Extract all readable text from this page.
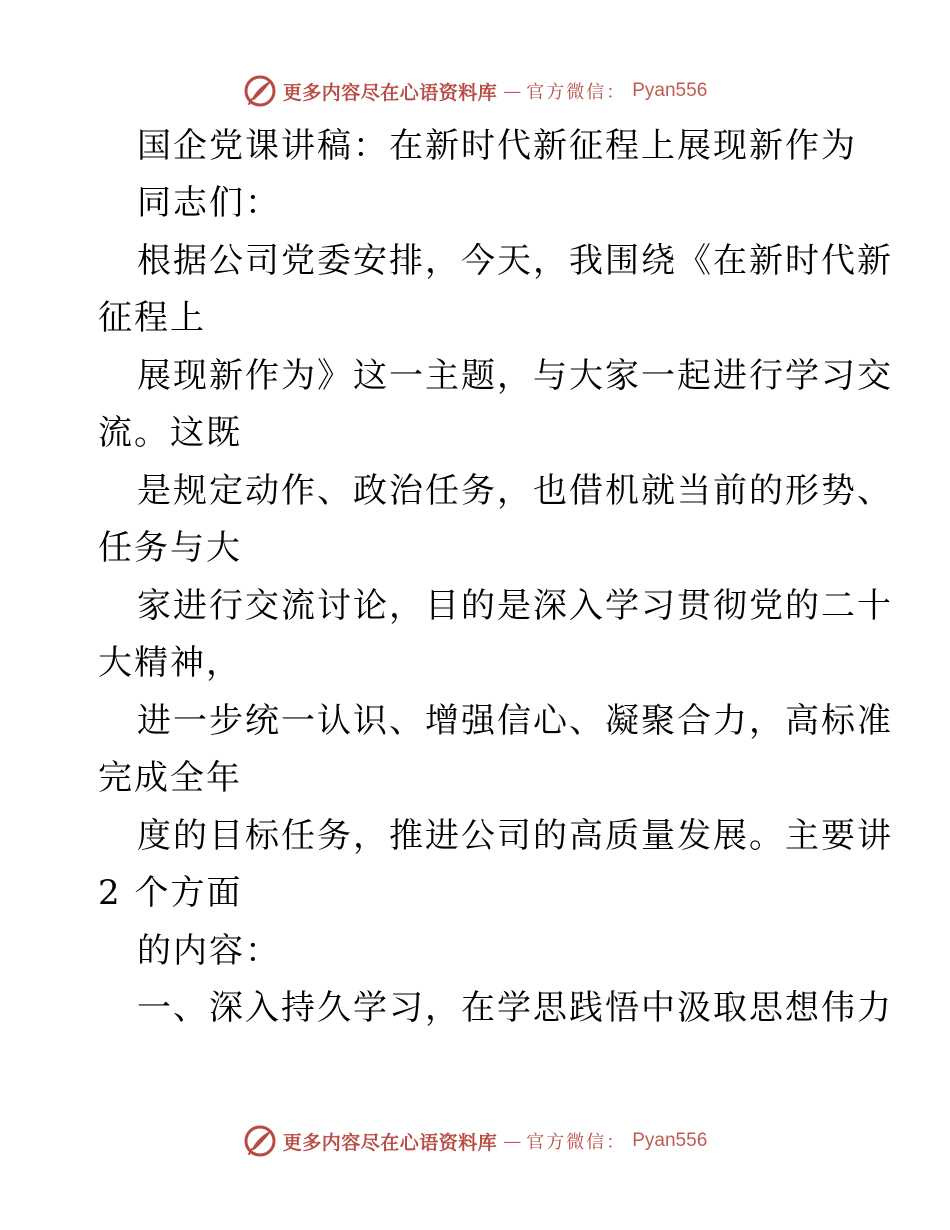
更多内容尽在心语资料库 — 官方微信： Pyan556
国企党课讲稿：在新时代新征程上展现新作为
同志们：
根据公司党委安排，今天，我围绕《在新时代新
征程上
展现新作为》这一主题，与大家一起进行学习交
流。这既
是规定动作、政治任务，也借机就当前的形势、
任务与大
家进行交流讨论，目的是深入学习贯彻党的二十
大精神，
进一步统一认识、增强信心、凝聚合力，高标准
完成全年
度的目标任务，推进公司的高质量发展。主要讲
2 个方面
的内容：
一、深入持久学习，在学思践悟中汲取思想伟力
更多内容尽在心语资料库 — 官方微信： Pyan556
